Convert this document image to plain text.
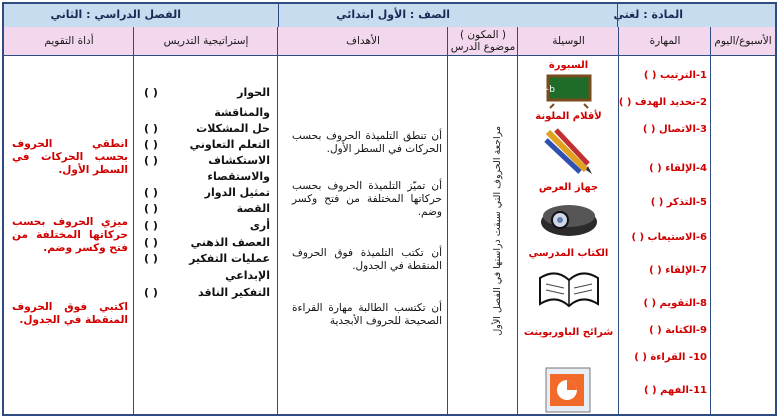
المادة : لغتي
الصف : الأول ابتدائي
الفصل الدراسي : الثاني
الأسبوع/اليوم
المهارة
الوسيلة
( المكون )
موضوع الدرس
الأهداف
إستراتيجية التدريس
أداة التقويم
1-الترتيب ( )
2-تحديد الهدف ( )
3-الاتصال ( )
4-الإلقاء ( )
5-التذكر ( )
6-الاستيعاب ( )
7-الإلقاء ( )
8-التقويم ( )
9-الكتابة ( )
10- القراءة ( )
11-الفهم ( )
السبورة
a+b
لأقلام الملونة
جهاز العرض
الكتاب المدرسي
شرائح الباوربوينت
مراجعة الحروف التي سبقت دراستها في الفصل الأول
أن تنطق التلميذة الحروف بحسب الحركات في السطر الأول.
أن تميّز التلميذة الحروف بحسب حركاتها المختلفة من فتح وكسر وضم.
أن تكتب التلميذة فوق الحروف المنقطة في الجدول.
أن تكتسب الطالبة مهارة القراءة الصحيحة للحروف الأبجدية
الحوار
( )
والمناقشة
حل المشكلات
( )
التعلم التعاوني
( )
الاستكشاف
( )
والاستقصاء
تمثيل الدوار
( )
القصة
( )
أرى
( )
العصف الذهني
( )
عمليات التفكير
( )
الإبداعي
التفكير الناقد
( )
انطقي الحروف بحسب الحركات في السطر الأول.
ميزي الحروف بحسب حركاتها المختلفة من فتح وكسر وضم.
اكتبي فوق الحروف المنقطة في الجدول.
